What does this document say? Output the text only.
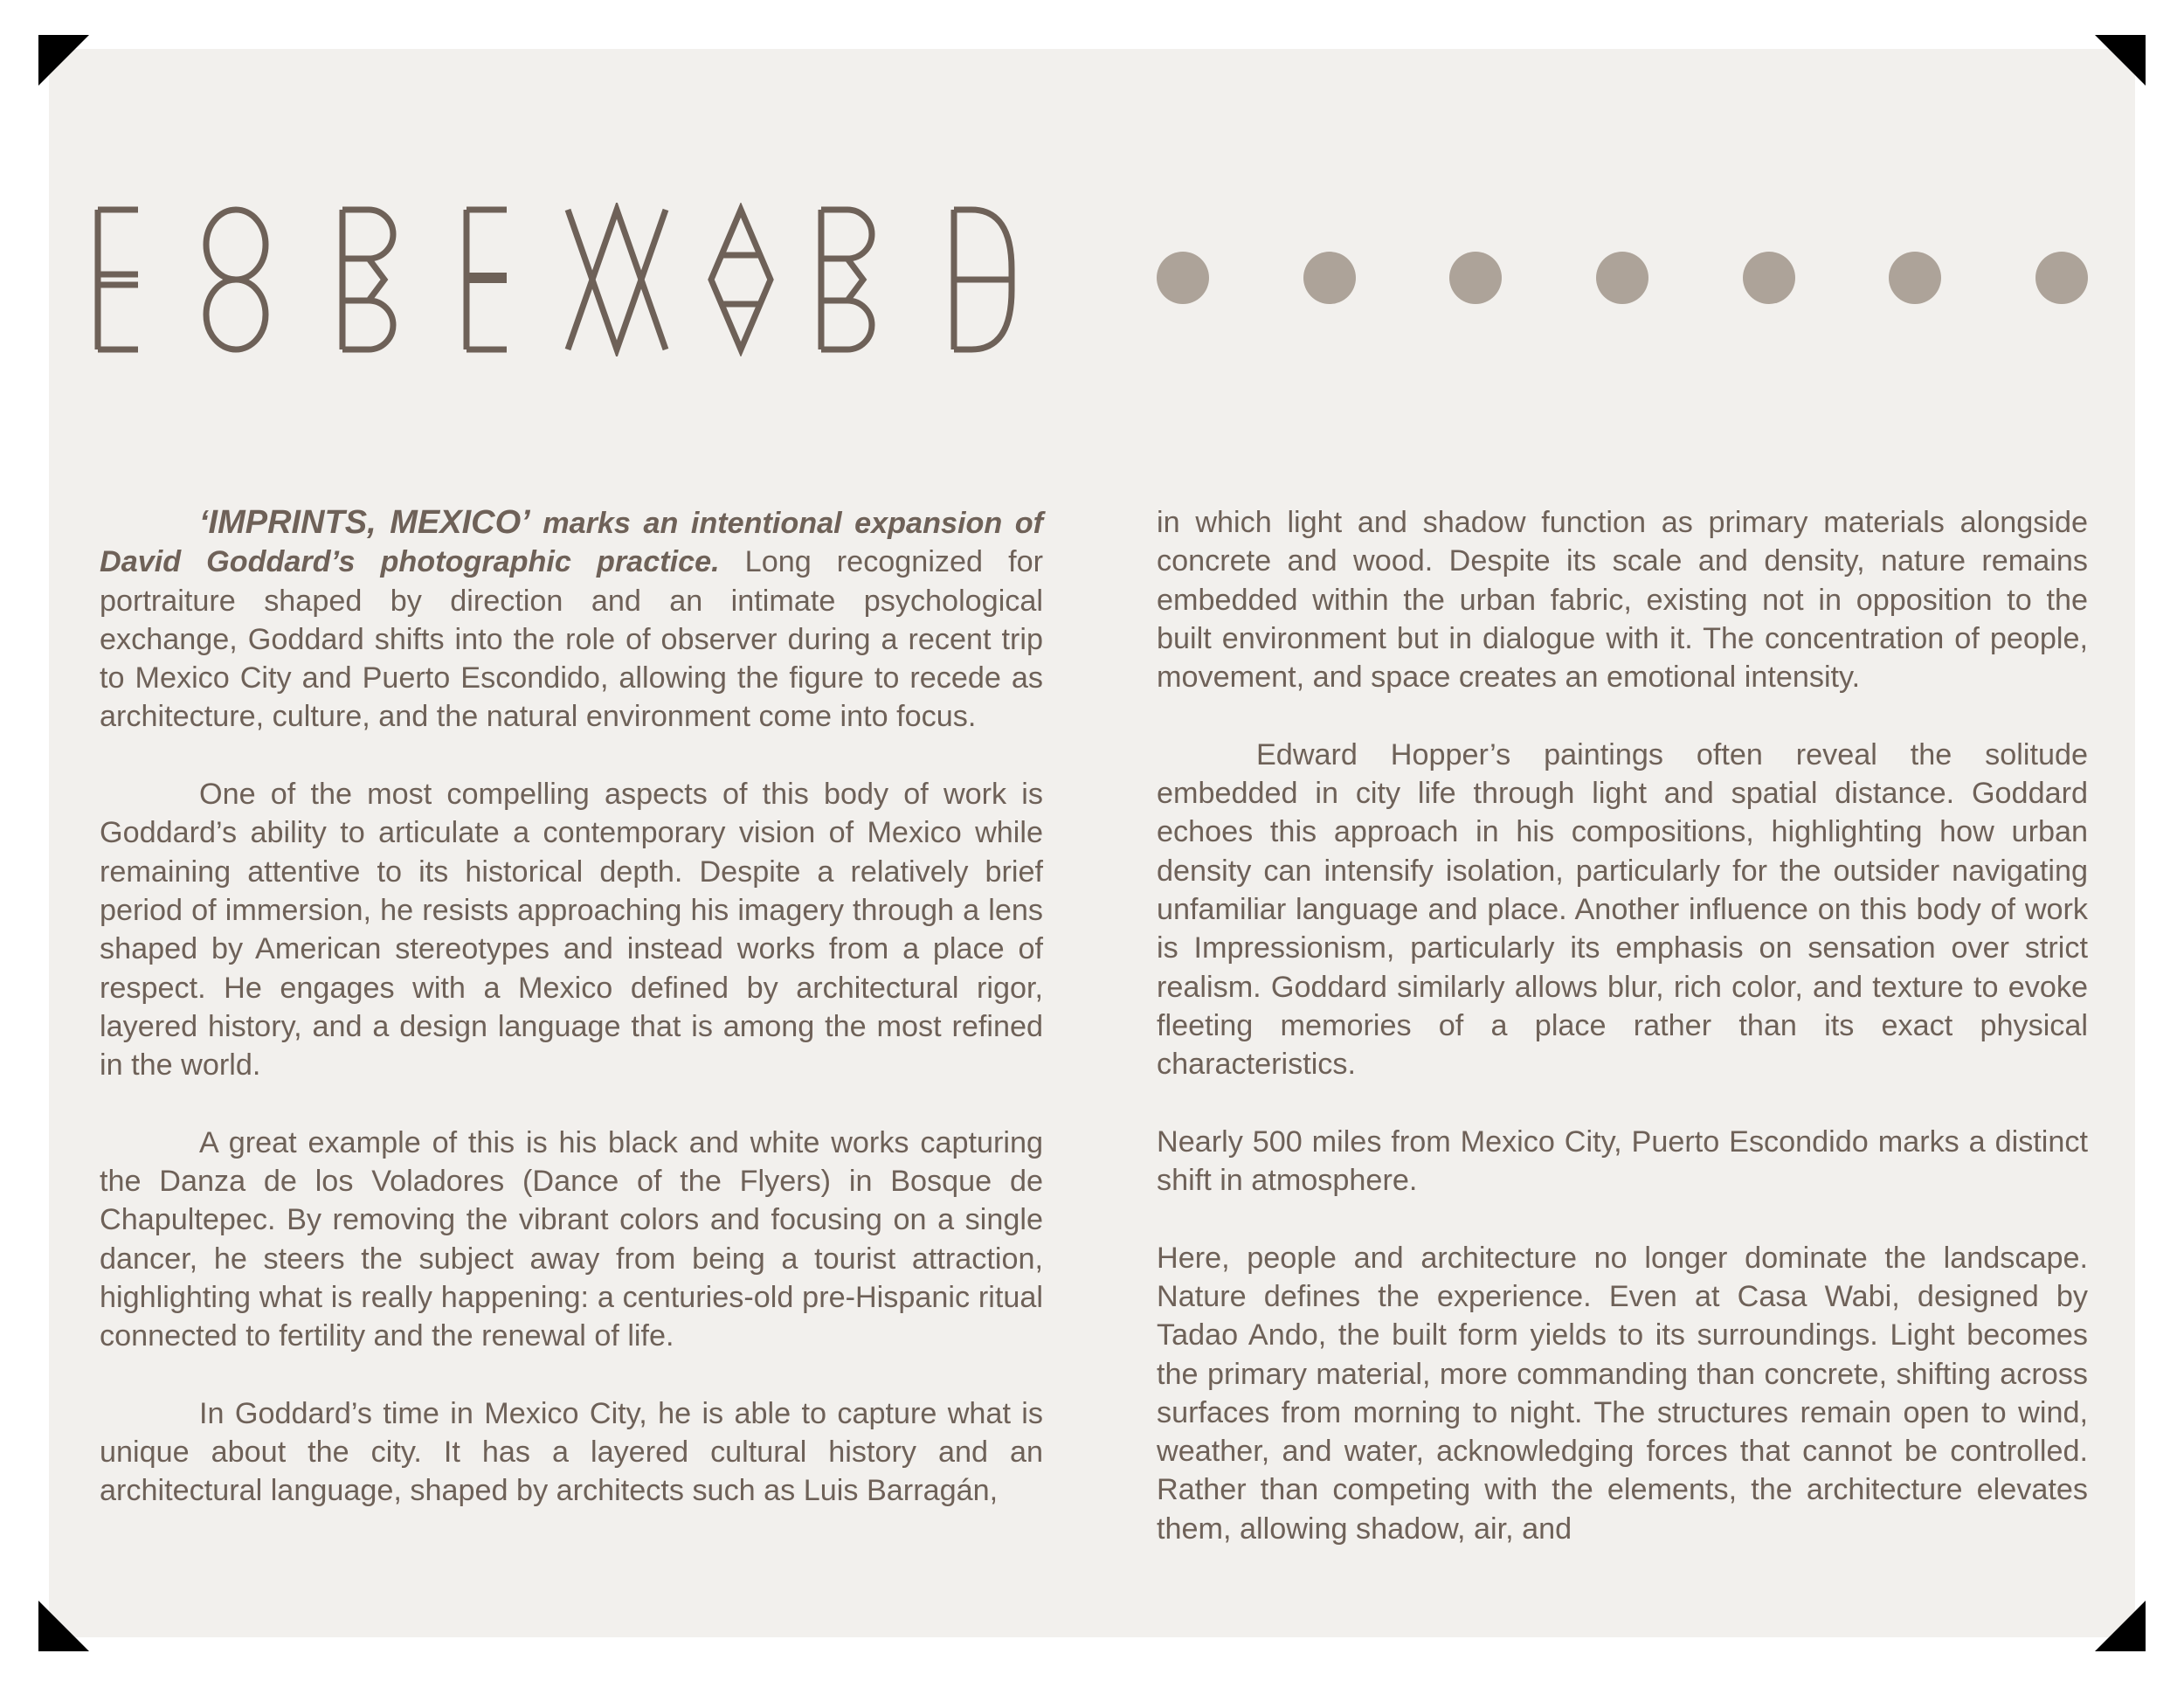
‘IMPRINTS, MEXICO’ marks an intentional expansion of David Goddard’s photographic practice. Long recognized for portraiture shaped by direction and an intimate psychological exchange, Goddard shifts into the role of observer during a recent trip to Mexico City and Puerto Escondido, allowing the figure to recede as architecture, culture, and the natural environment come into focus.

One of the most compelling aspects of this body of work is Goddard’s ability to articulate a contemporary vision of Mexico while remaining attentive to its historical depth. Despite a relatively brief period of immersion, he resists approaching his imagery through a lens shaped by American stereotypes and instead works from a place of respect. He engages with a Mexico defined by architectural rigor, layered history, and a design language that is among the most refined in the world.

A great example of this is his black and white works capturing the Danza de los Voladores (Dance of the Flyers) in Bosque de Chapultepec. By removing the vibrant colors and focusing on a single dancer, he steers the subject away from being a tourist attraction, highlighting what is really happening: a centuries-old pre-Hispanic ritual connected to fertility and the renewal of life.

In Goddard’s time in Mexico City, he is able to capture what is unique about the city. It has a layered cultural history and an architectural language, shaped by architects such as Luis Barragán,

in which light and shadow function as primary materials alongside concrete and wood. Despite its scale and density, nature remains embedded within the urban fabric, existing not in opposition to the built environment but in dialogue with it. The concentration of people, movement, and space creates an emotional intensity.

Edward Hopper’s paintings often reveal the solitude embedded in city life through light and spatial distance. Goddard echoes this approach in his compositions, highlighting how urban density can intensify isolation, particularly for the outsider navigating unfamiliar language and place. Another influence on this body of work is Impressionism, particularly its emphasis on sensation over strict realism. Goddard similarly allows blur, rich color, and texture to evoke fleeting memories of a place rather than its exact physical characteristics.

Nearly 500 miles from Mexico City, Puerto Escondido marks a distinct shift in atmosphere.

Here, people and architecture no longer dominate the landscape. Nature defines the experience. Even at Casa Wabi, designed by Tadao Ando, the built form yields to its surroundings. Light becomes the primary material, more commanding than concrete, shifting across surfaces from morning to night. The structures remain open to wind, weather, and water, acknowledging forces that cannot be controlled. Rather than competing with the elements, the architecture elevates them, allowing shadow, air, and
